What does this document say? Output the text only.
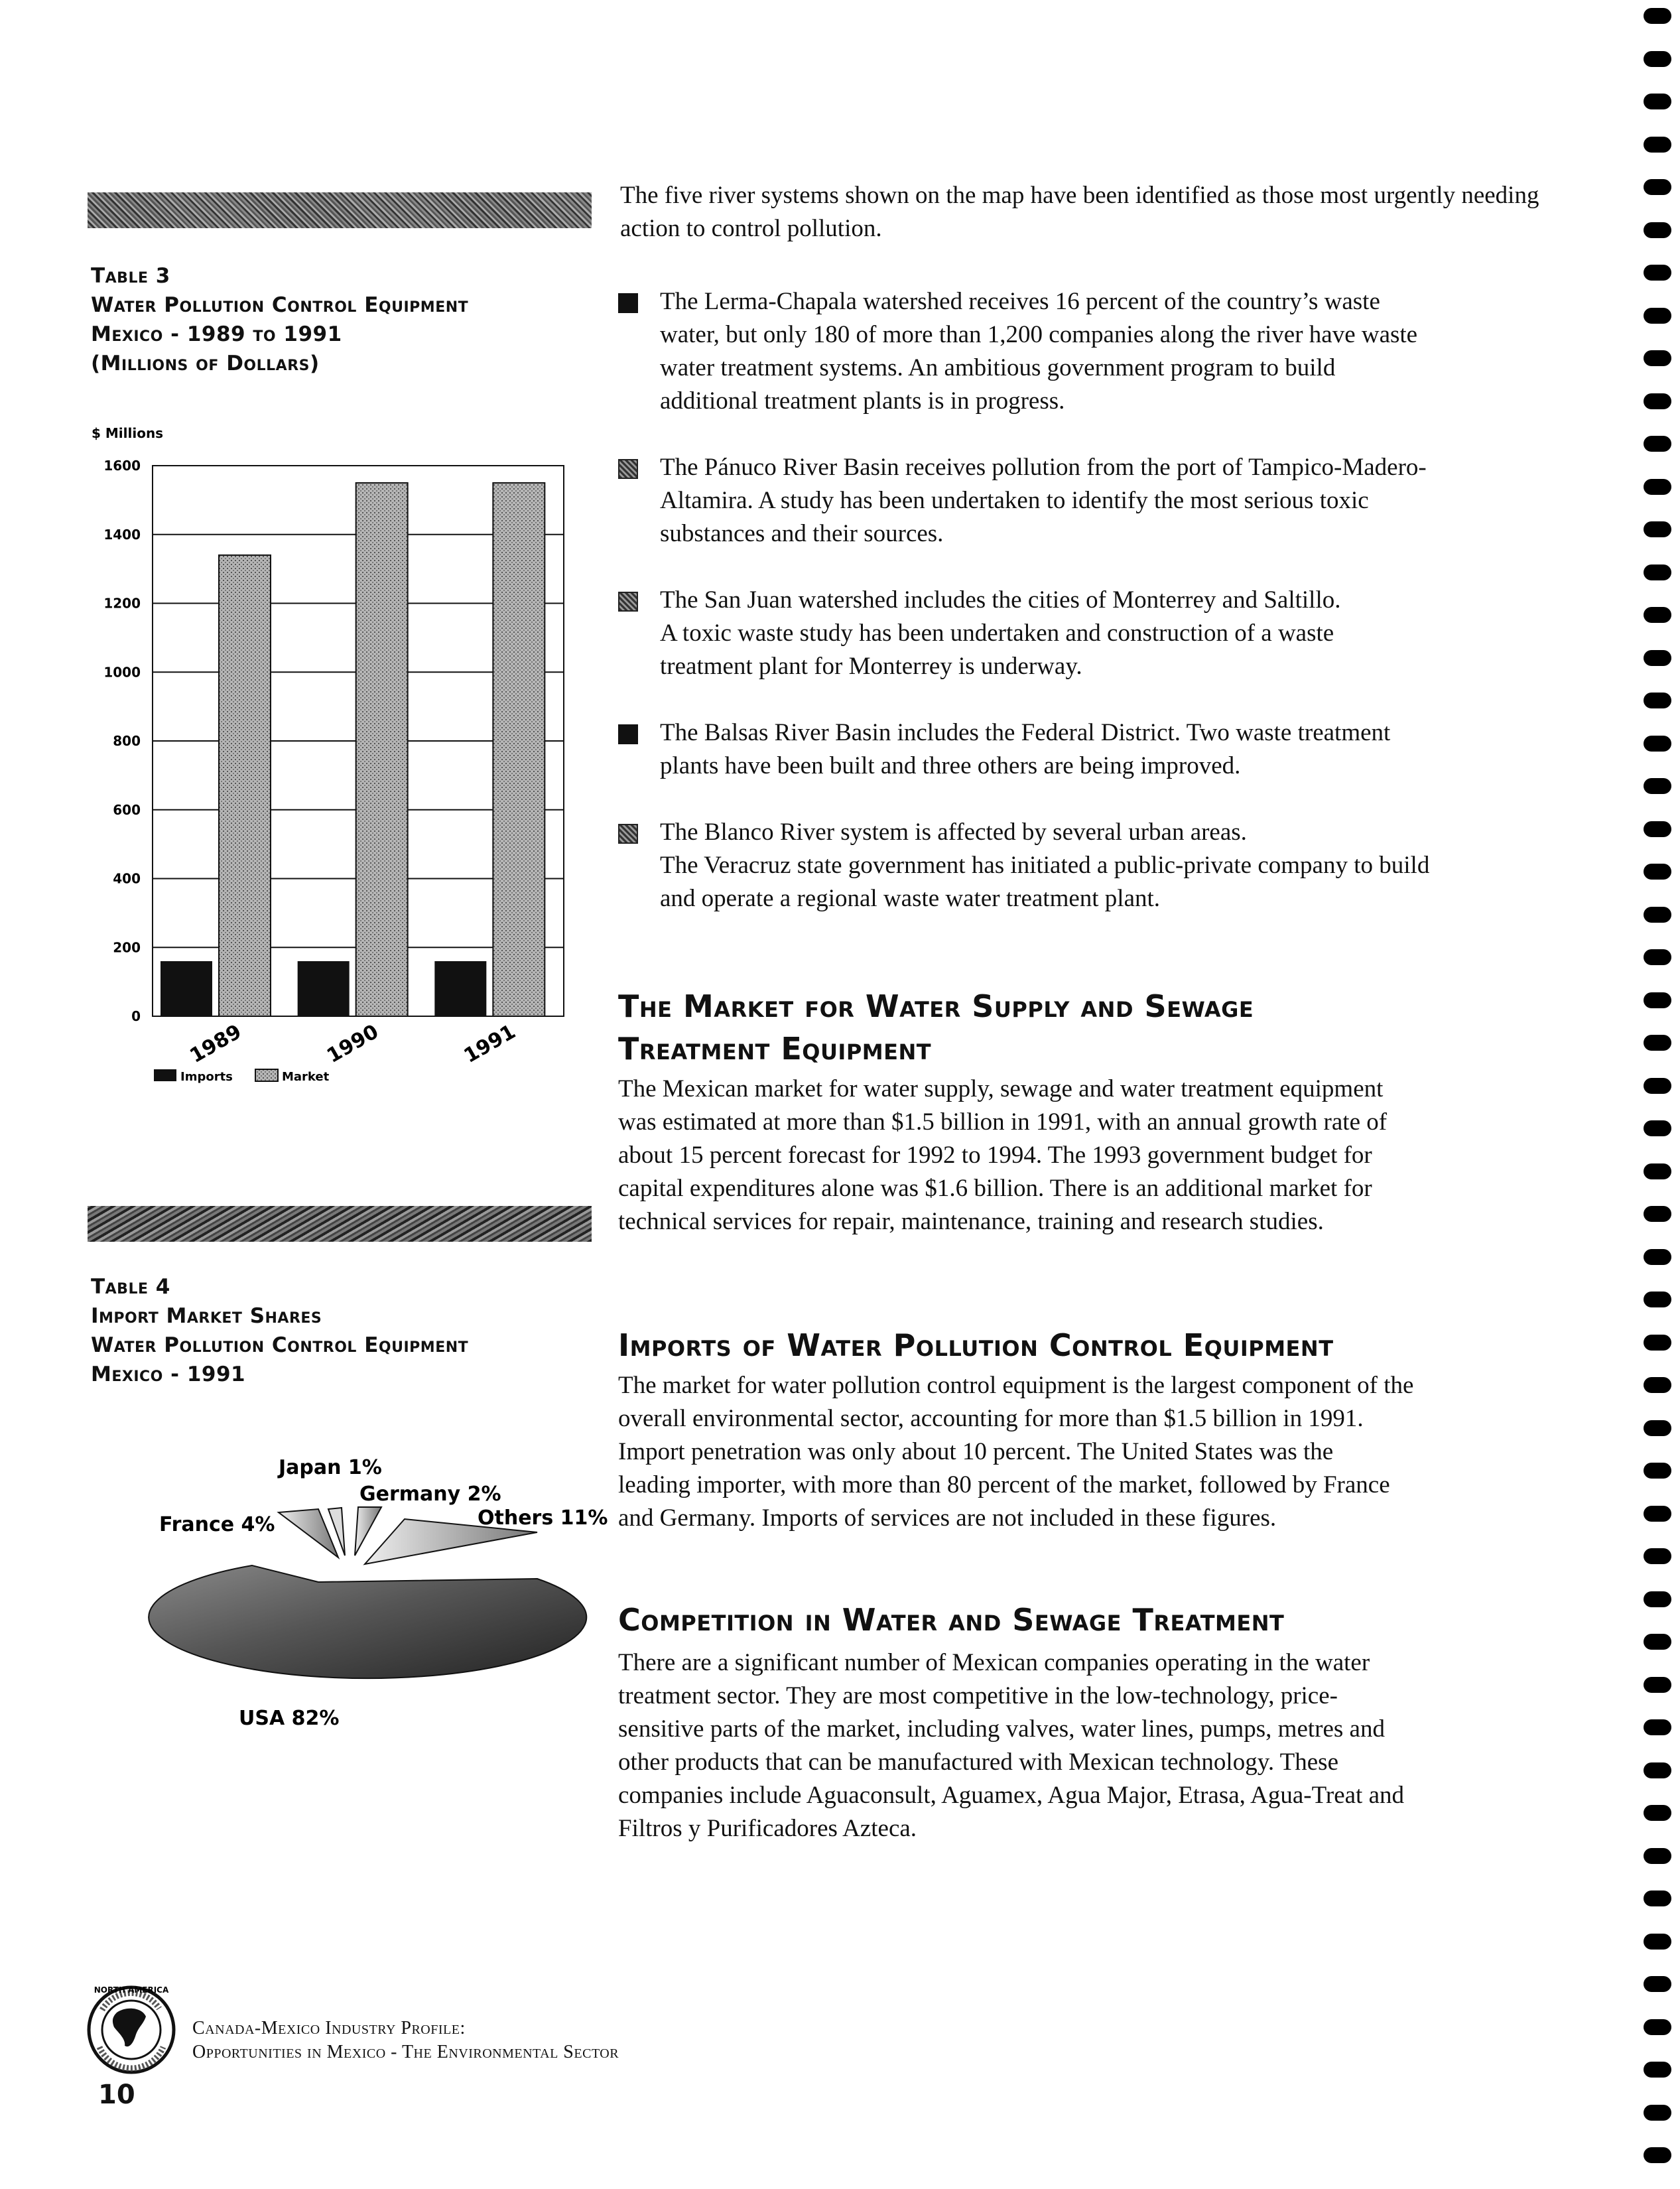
Table 3
Water Pollution Control Equipment
Mexico - 1989 to 1991
(Millions of Dollars)
$ Millions
0
200
400
600
800
1000
1200
1400
1600
1989	1990	1991
Imports	Market
Table 4
Import Market Shares
Water Pollution Control Equipment
Mexico - 1991
Japan 1%
Germany 2%
Others 11%
France 4%
USA 82%
The five river systems shown on the map have been identified as those most urgently needing action to control pollution.
The Lerma-Chapala watershed receives 16 percent of the country’s waste
water, but only 180 of more than 1,200 companies along the river have waste
water treatment systems. An ambitious government program to build
additional treatment plants is in progress.
The Pánuco River Basin receives pollution from the port of Tampico-Madero-
Altamira. A study has been undertaken to identify the most serious toxic
substances and their sources.
The San Juan watershed includes the cities of Monterrey and Saltillo.
A toxic waste study has been undertaken and construction of a waste
treatment plant for Monterrey is underway.
The Balsas River Basin includes the Federal District. Two waste treatment
plants have been built and three others are being improved.
The Blanco River system is affected by several urban areas.
The Veracruz state government has initiated a public-private company to build
and operate a regional waste water treatment plant.
The Market for Water Supply and Sewage
Treatment Equipment
The Mexican market for water supply, sewage and water treatment equipment
was estimated at more than $1.5 billion in 1991, with an annual growth rate of
about 15 percent forecast for 1992 to 1994. The 1993 government budget for
capital expenditures alone was $1.6 billion. There is an additional market for
technical services for repair, maintenance, training and research studies.
Imports of Water Pollution Control Equipment
The market for water pollution control equipment is the largest component of the
overall environmental sector, accounting for more than $1.5 billion in 1991.
Import penetration was only about 10 percent. The United States was the
leading importer, with more than 80 percent of the market, followed by France
and Germany. Imports of services are not included in these figures.
Competition in Water and Sewage Treatment
There are a significant number of Mexican companies operating in the water
treatment sector. They are most competitive in the low-technology, price-
sensitive parts of the market, including valves, water lines, pumps, metres and
other products that can be manufactured with Mexican technology. These
companies include Aguaconsult, Aguamex, Agua Major, Etrasa, Agua-Treat and
Filtros y Purificadores Azteca.
NORTH AMERICA
Canada-Mexico Industry Profile:
Opportunities in Mexico - The Environmental Sector
10
